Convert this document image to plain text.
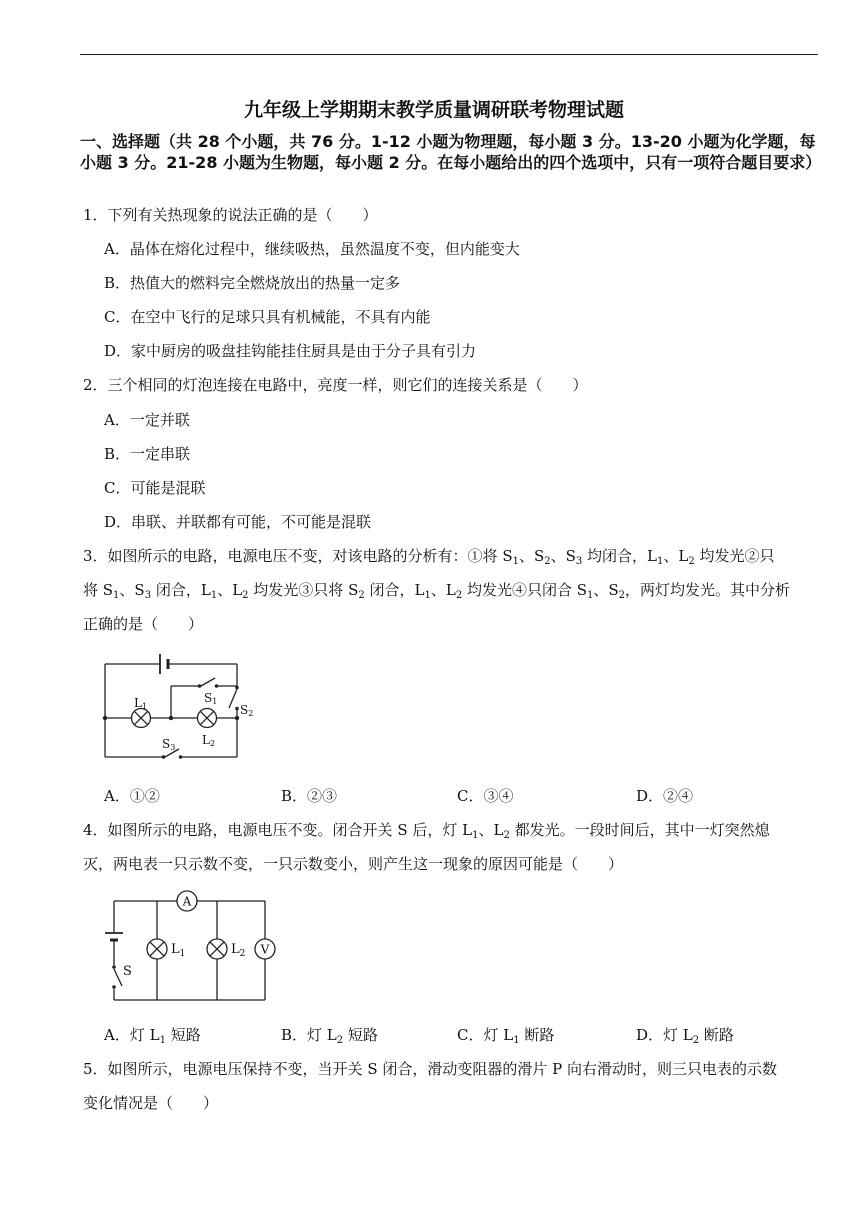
九年级上学期期末教学质量调研联考物理试题
一、选择题（共 28 个小题，共 76 分。1-12 小题为物理题，每小题 3 分。13-20 小题为化学题，每小题 3 分。21-28 小题为生物题，每小题 2 分。在每小题给出的四个选项中，只有一项符合题目要求）
1．下列有关热现象的说法正确的是（　　）
A．晶体在熔化过程中，继续吸热，虽然温度不变，但内能变大
B．热值大的燃料完全燃烧放出的热量一定多
C．在空中飞行的足球只具有机械能，不具有内能
D．家中厨房的吸盘挂钩能挂住厨具是由于分子具有引力
2．三个相同的灯泡连接在电路中，亮度一样，则它们的连接关系是（　　）
A．一定并联
B．一定串联
C．可能是混联
D．串联、并联都有可能，不可能是混联
3．如图所示的电路，电源电压不变，对该电路的分析有：①将 $S_1$、$S_2$、$S_3$ 均闭合，$L_1$、$L_2$ 均发光②只
将 $S_1$、$S_3$ 闭合，$L_1$、$L_2$ 均发光③只将 $S_2$ 闭合，$L_1$、$L_2$ 均发光④只闭合 $S_1$、$S_2$，两灯均发光。其中分析
正确的是（　　）
L1
L2
S1
S2
S3
A．①②	B．②③	C．③④	D．②④
4．如图所示的电路，电源电压不变。闭合开关 S 后，灯 $L_1$、$L_2$ 都发光。一段时间后，其中一灯突然熄
灭，两电表一只示数不变，一只示数变小，则产生这一现象的原因可能是（　　）
A
V
$L_1$	$L_2$
S
A．灯 $L_1$ 短路	B．灯 $L_2$ 短路	C．灯 $L_1$ 断路	D．灯 $L_2$ 断路
5．如图所示，电源电压保持不变，当开关 S 闭合，滑动变阻器的滑片 P 向右滑动时，则三只电表的示数
变化情况是（　　）
